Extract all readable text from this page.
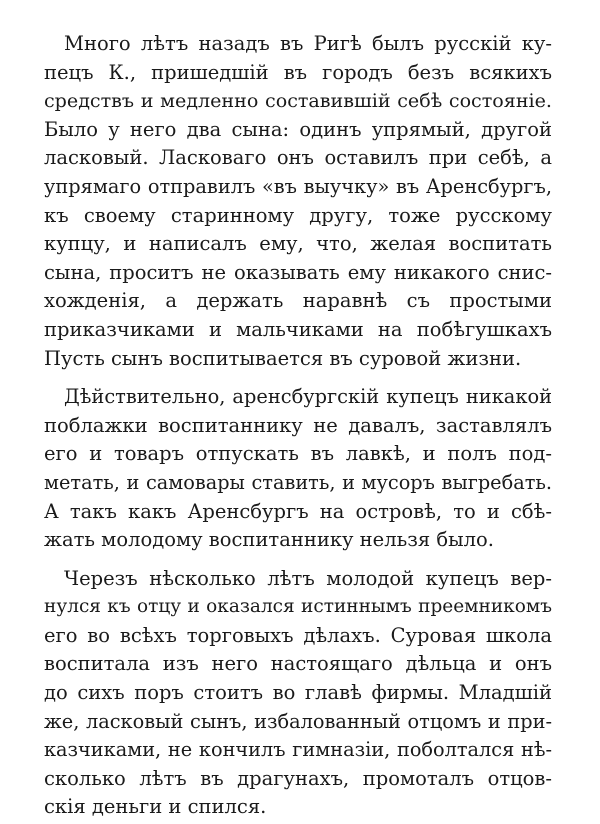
Много лѣтъ назадъ въ Ригѣ былъ русскій ку-
пецъ К., пришедшій въ городъ безъ всякихъ
средствъ и медленно составившій себѣ состояніе.
Было у него два сына: одинъ упрямый, другой
ласковый. Ласковаго онъ оставилъ при себѣ, а
упрямаго отправилъ «въ выучку» въ Аренсбургъ,
къ своему старинному другу, тоже русскому
купцу, и написалъ ему, что, желая воспитать
сына, проситъ не оказывать ему никакого снис-
хожденія, а держать наравнѣ съ простыми
приказчиками и мальчиками на побѣгушкахъ
Пусть сынъ воспитывается въ суровой жизни.

Дѣйствительно, аренсбургскій купецъ никакой
поблажки воспитаннику не давалъ, заставлялъ
его и товаръ отпускать въ лавкѣ, и полъ под-
метать, и самовары ставить, и мусоръ выгребать.
А такъ какъ Аренсбургъ на островѣ, то и сбѣ-
жать молодому воспитаннику нельзя было.

Черезъ нѣсколько лѣтъ молодой купецъ вер-
нулся къ отцу и оказался истиннымъ преемникомъ
его во всѣхъ торговыхъ дѣлахъ. Суровая школа
воспитала изъ него настоящаго дѣльца и онъ
до сихъ поръ стоитъ во главѣ фирмы. Младшій
же, ласковый сынъ, избалованный отцомъ и при-
казчиками, не кончилъ гимназіи, поболтался нѣ-
сколько лѣтъ въ драгунахъ, промоталъ отцов-
скія деньги и спился.
